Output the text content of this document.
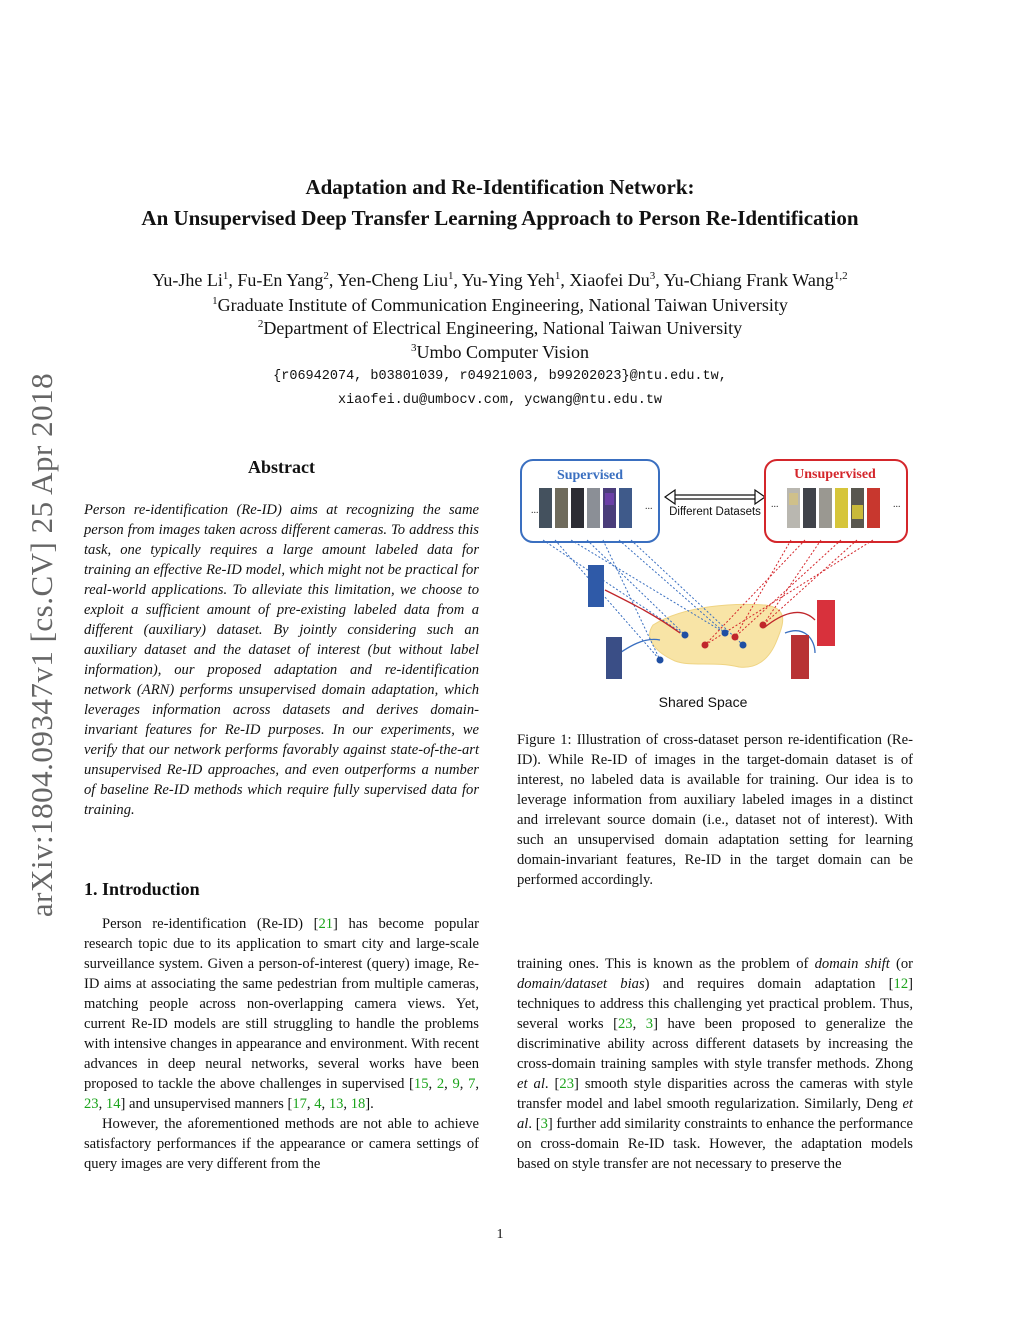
arXiv:1804.09347v1 [cs.CV] 25 Apr 2018
Adaptation and Re-Identification Network:
An Unsupervised Deep Transfer Learning Approach to Person Re-Identification
Yu-Jhe Li$^1$, Fu-En Yang$^2$, Yen-Cheng Liu$^1$, Yu-Ying Yeh$^1$, Xiaofei Du$^3$, Yu-Chiang Frank Wang$^{1,2}$
$^1$Graduate Institute of Communication Engineering, National Taiwan University
$^2$Department of Electrical Engineering, National Taiwan University
$^3$Umbo Computer Vision
{r06942074, b03801039, r04921003, b99202023}@ntu.edu.tw,
xiaofei.du@umbocv.com, ycwang@ntu.edu.tw
Abstract
Person re-identification (Re-ID) aims at recognizing the same person from images taken across different cameras. To address this task, one typically requires a large amount labeled data for training an effective Re-ID model, which might not be practical for real-world applications. To alleviate this limitation, we choose to exploit a sufficient amount of pre-existing labeled data from a different (auxiliary) dataset. By jointly considering such an auxiliary dataset and the dataset of interest (but without label information), our proposed adaptation and re-identification network (ARN) performs unsupervised domain adaptation, which leverages information across datasets and derives domain-invariant features for Re-ID purposes. In our experiments, we verify that our network performs favorably against state-of-the-art unsupervised Re-ID approaches, and even outperforms a number of baseline Re-ID methods which require fully supervised data for training.
1. Introduction

Person re-identification (Re-ID) [21] has become popular research topic due to its application to smart city and large-scale surveillance system. Given a person-of-interest (query) image, Re-ID aims at associating the same pedestrian from multiple cameras, matching people across non-overlapping camera views. Yet, current Re-ID models are still struggling to handle the problems with intensive changes in appearance and environment. With recent advances in deep neural networks, several works have been proposed to tackle the above challenges in supervised [15, 2, 9, 7, 23, 14] and unsupervised manners [17, 4, 13, 18].

However, the aforementioned methods are not able to achieve satisfactory performances if the appearance or camera settings of query images are very different from the

Supervised
...	... Different Datasets
Unsupervised
...	...
Shared Space
Figure 1: Illustration of cross-dataset person re-identification (Re-ID). While Re-ID of images in the target-domain dataset is of interest, no labeled data is available for training. Our idea is to leverage information from auxiliary labeled images in a distinct and irrelevant source domain (i.e., dataset not of interest). With such an unsupervised domain adaptation setting for learning domain-invariant features, Re-ID in the target domain can be performed accordingly.
training ones. This is known as the problem of domain shift (or domain/dataset bias) and requires domain adaptation [12] techniques to address this challenging yet practical problem. Thus, several works [23, 3] have been proposed to generalize the discriminative ability across different datasets by increasing the cross-domain training samples with style transfer methods. Zhong et al. [23] smooth style disparities across the cameras with style transfer model and label smooth regularization. Similarly, Deng et al. [3] further add similarity constraints to enhance the performance on cross-domain Re-ID task. However, the adaptation models based on style transfer are not necessary to preserve the
1
